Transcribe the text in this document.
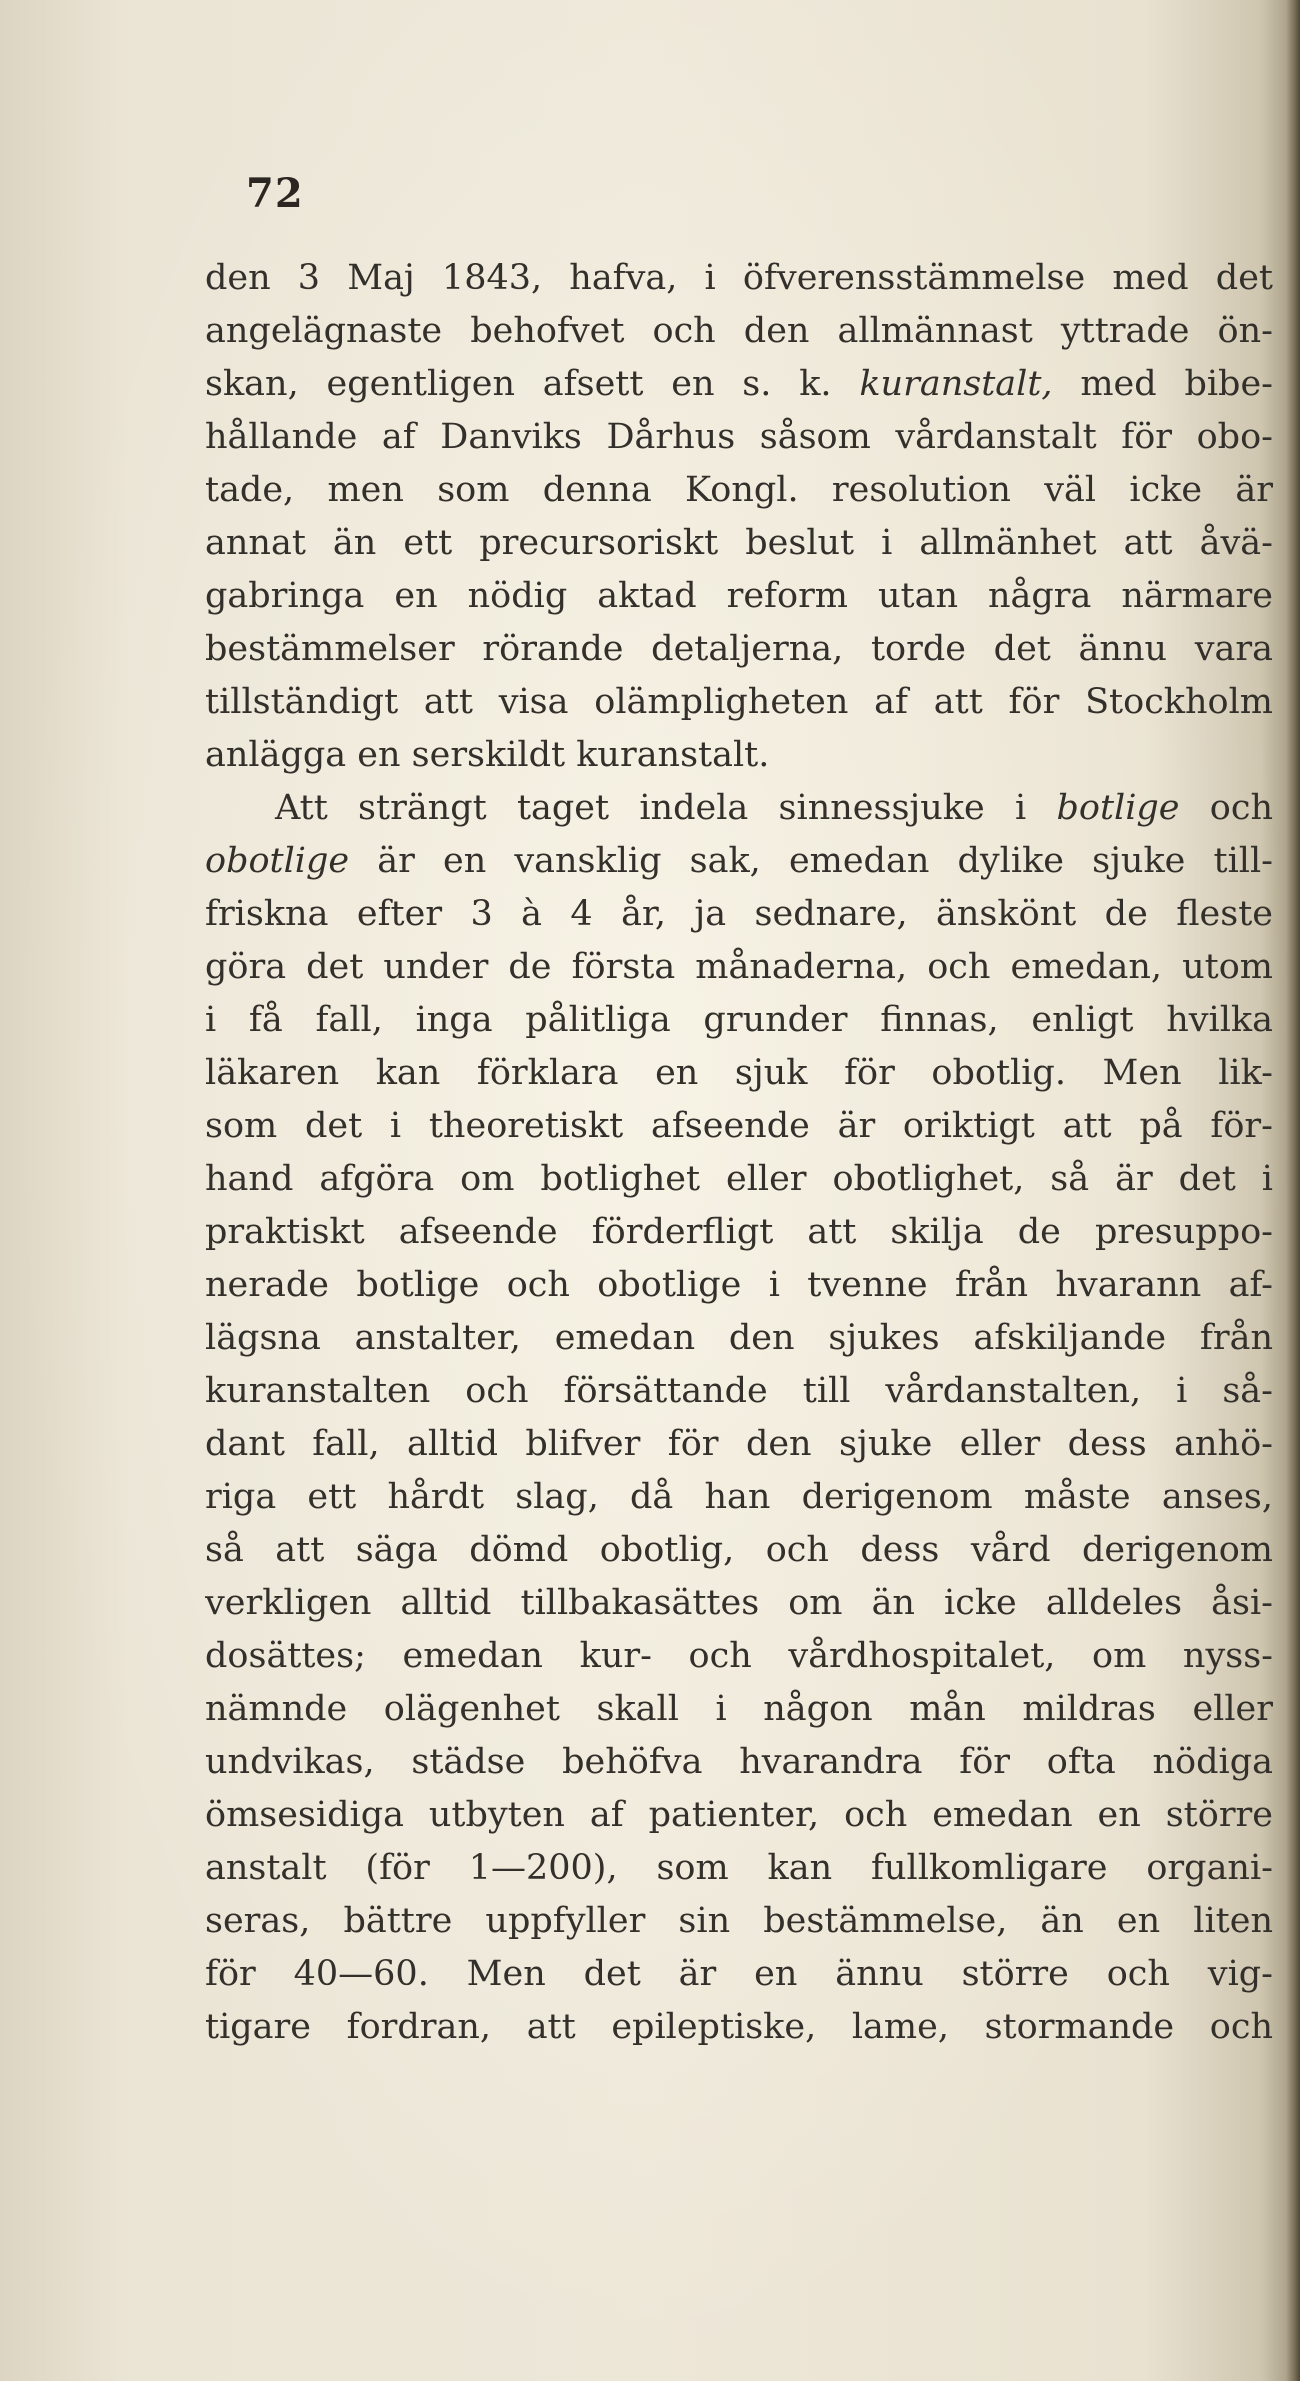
72
den 3 Maj 1843, hafva, i öfverensstämmelse med det
angelägnaste behofvet och den allmännast yttrade ön-
skan, egentligen afsett en s. k. kuranstalt, med bibe-
hållande af Danviks Dårhus såsom vårdanstalt för obo-
tade, men som denna Kongl. resolution väl icke är
annat än ett precursoriskt beslut i allmänhet att åvä-
gabringa en nödig aktad reform utan några närmare
bestämmelser rörande detaljerna, torde det ännu vara
tillständigt att visa olämpligheten af att för Stockholm
anlägga en serskildt kuranstalt.
Att strängt taget indela sinnessjuke i botlige och
obotlige är en vansklig sak, emedan dylike sjuke till-
friskna efter 3 à 4 år, ja sednare, änskönt de fleste
göra det under de första månaderna, och emedan, utom
i få fall, inga pålitliga grunder finnas, enligt hvilka
läkaren kan förklara en sjuk för obotlig. Men lik-
som det i theoretiskt afseende är oriktigt att på för-
hand afgöra om botlighet eller obotlighet, så är det i
praktiskt afseende förderfligt att skilja de presuppo-
nerade botlige och obotlige i tvenne från hvarann af-
lägsna anstalter, emedan den sjukes afskiljande från
kuranstalten och försättande till vårdanstalten, i så-
dant fall, alltid blifver för den sjuke eller dess anhö-
riga ett hårdt slag, då han derigenom måste anses,
så att säga dömd obotlig, och dess vård derigenom
verkligen alltid tillbakasättes om än icke alldeles åsi-
dosättes; emedan kur- och vårdhospitalet, om nyss-
nämnde olägenhet skall i någon mån mildras eller
undvikas, städse behöfva hvarandra för ofta nödiga
ömsesidiga utbyten af patienter, och emedan en större
anstalt (för 1—200), som kan fullkomligare organi-
seras, bättre uppfyller sin bestämmelse, än en liten
för 40—60. Men det är en ännu större och vig-
tigare fordran, att epileptiske, lame, stormande och
